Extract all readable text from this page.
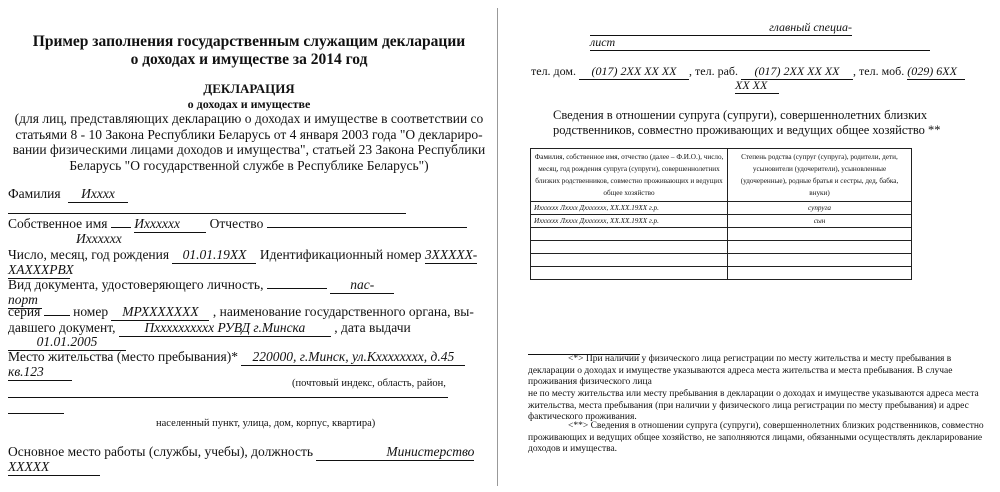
Пример заполнения государственным служащим декларации
о доходах и имуществе за 2014 год
ДЕКЛАРАЦИЯ
о доходах и имуществе
(для лиц, представляющих декларацию о доходах и имуществе в соответствии со
статьями 8 - 10 Закона Республики Беларусь от 4 января 2003 года "О деклариро-
вании физическими лицами доходов и имущества", статьей 23 Закона Республики
Беларусь "О государственной службе в Республике Беларусь")
Фамилия Ихххх
Собственное имя Ихххххх Отчество
Ихххххх
Число, месяц, год рождения 01.01.19ХХ Идентификационный номер 3ХХХХХ-
ХАХХХРВХ
Вид документа, удостоверяющего личность,	пас-
порт
серия номер МРХХХХХХХ , наименование государственного органа, вы-
давшего документ, Пхххххххххх РУВД г.Минска , дата выдачи
01.01.2005
Место жительства (место пребывания)* 220000, г.Минск, ул.Кхххххххх, д.45
кв.123
(почтовый индекс, область, район,
населенный пункт, улица, дом, корпус, квартира)
Основное место работы (службы, учебы), должность	Министерство
ХХХХХ
главный специа-
лист
тел. дом. (017) 2ХХ ХХ ХХ , тел. раб. (017) 2ХХ ХХ ХХ , тел. моб. (029) 6ХХ
ХХ ХХ
Сведения в отношении супруга (супруги), совершеннолетних близких
родственников, совместно проживающих и ведущих общее хозяйство **
Фамилия, собственное имя, отчество (далее – Ф.И.О.), число, месяц, год рождения супруга (супруги), совершеннолетних близких родственников, совместно проживающих и ведущих общее хозяйство	Степень родства (супруг (супруга), родители, дети, усыновители (удочерители), усыновленные (удочеренные), родные братья и сестры, дед, бабка, внуки)
Ихххххх Лхххх Дххххххх, ХХ.ХХ.19ХХ г.р.	супруга
Ихххххх Лхххх Дххххххх, ХХ.ХХ.19ХХ г.р.	сын

<*> При наличии у физического лица регистрации по месту жительства и месту пребывания в декларации о доходах и имуществе указываются адреса места жительства и места пребывания. В случае проживания физического лица
не по месту жительства или месту пребывания в декларации о доходах и имуществе указываются адреса места жительства, места пребывания (при наличии у физического лица регистрации по месту пребывания) и адрес фактического проживания.
<**> Сведения в отношении супруга (супруги), совершеннолетних близких родственников, совместно проживающих и ведущих общее хозяйство, не заполняются лицами, обязанными осуществлять декларирование доходов и имущества.
